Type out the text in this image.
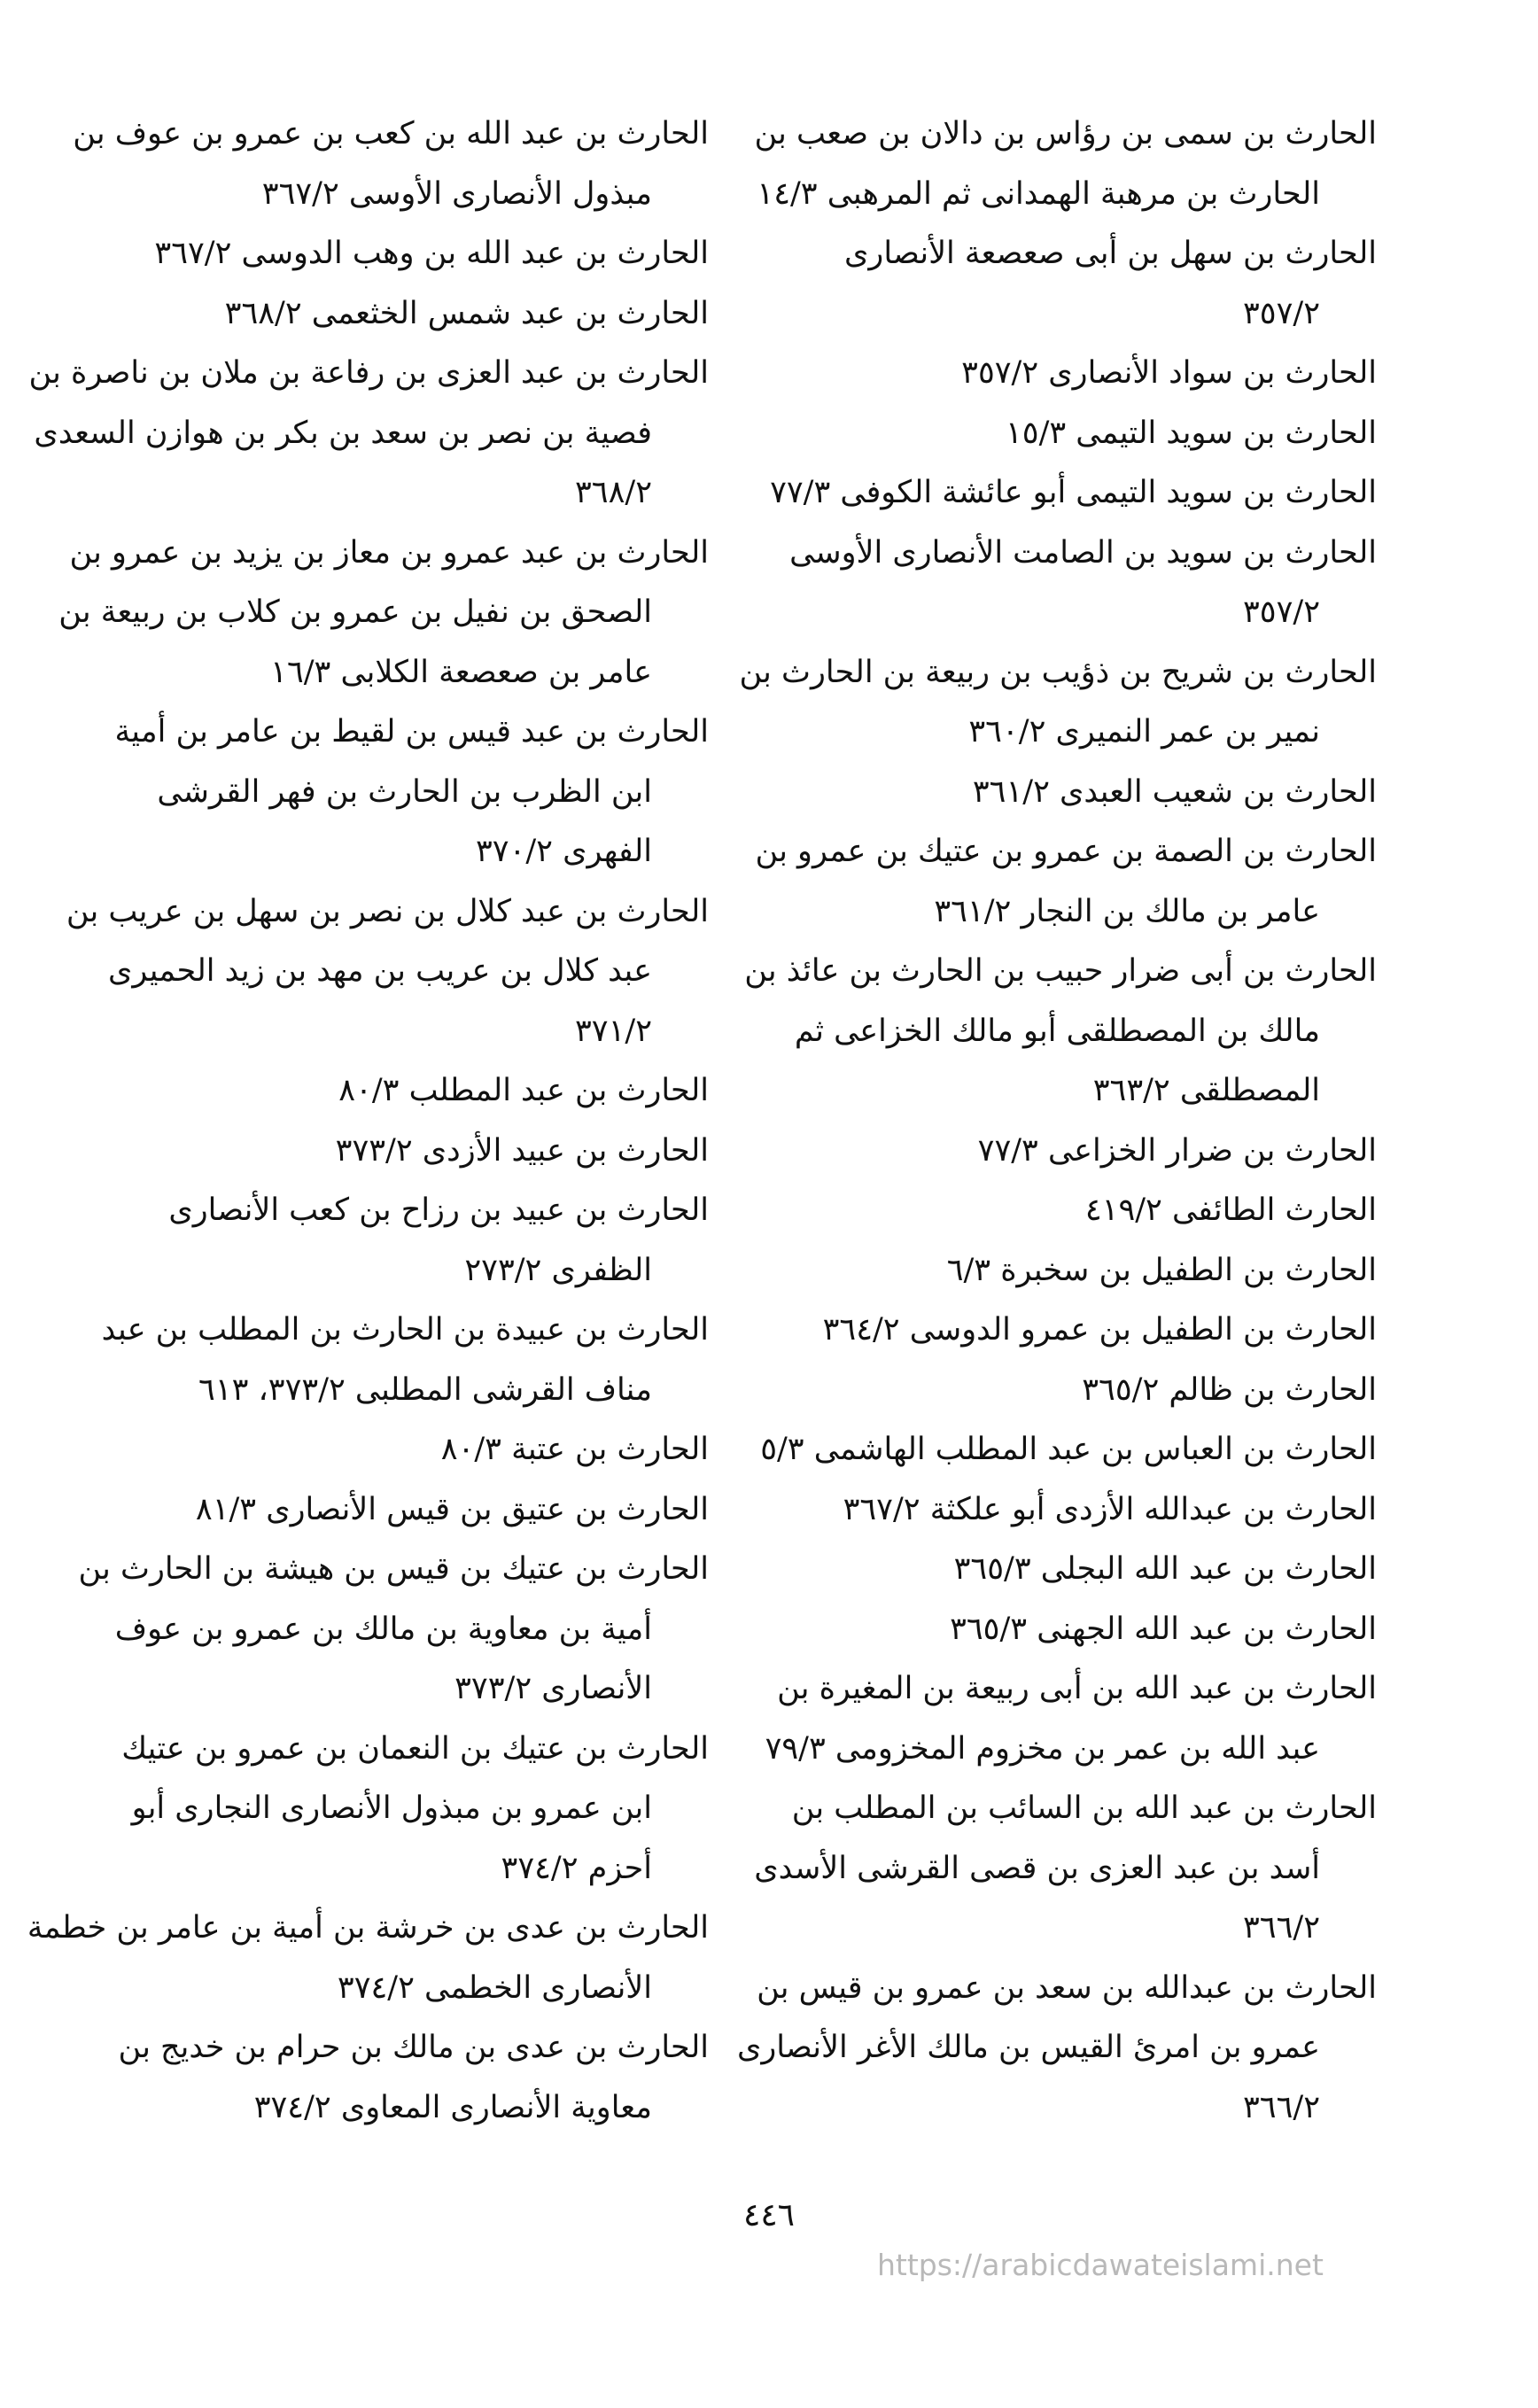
الحارث بن سمى بن رؤاس بن دالان بن صعب بن
الحارث بن مرهبة الهمدانى ثم المرهبى ١٤/٣

الحارث بن سهل بن أبى صعصعة الأنصارى
٣٥٧/٢

الحارث بن سواد الأنصارى ٣٥٧/٢

الحارث بن سويد التيمى ١٥/٣

الحارث بن سويد التيمى أبو عائشة الكوفى ٧٧/٣

الحارث بن سويد بن الصامت الأنصارى الأوسى
٣٥٧/٢

الحارث بن شريح بن ذؤيب بن ربيعة بن الحارث بن
نمير بن عمر النميرى ٣٦٠/٢

الحارث بن شعيب العبدى ٣٦١/٢

الحارث بن الصمة بن عمرو بن عتيك بن عمرو بن
عامر بن مالك بن النجار ٣٦١/٢

الحارث بن أبى ضرار حبيب بن الحارث بن عائذ بن
مالك بن المصطلقى أبو مالك الخزاعى ثم
المصطلقى ٣٦٣/٢

الحارث بن ضرار الخزاعى ٧٧/٣

الحارث الطائفى ٤١٩/٢

الحارث بن الطفيل بن سخبرة ٦/٣

الحارث بن الطفيل بن عمرو الدوسى ٣٦٤/٢

الحارث بن ظالم ٣٦٥/٢

الحارث بن العباس بن عبد المطلب الهاشمى ٥/٣

الحارث بن عبدالله الأزدى أبو علكثة ٣٦٧/٢

الحارث بن عبد الله البجلى ٣٦٥/٣

الحارث بن عبد الله الجهنى ٣٦٥/٣

الحارث بن عبد الله بن أبى ربيعة بن المغيرة بن
عبد الله بن عمر بن مخزوم المخزومى ٧٩/٣

الحارث بن عبد الله بن السائب بن المطلب بن
أسد بن عبد العزى بن قصى القرشى الأسدى
٣٦٦/٢

الحارث بن عبدالله بن سعد بن عمرو بن قيس بن
عمرو بن امرئ القيس بن مالك الأغر الأنصارى
٣٦٦/٢

الحارث بن عبد الله بن كعب بن عمرو بن عوف بن
مبذول الأنصارى الأوسى ٣٦٧/٢

الحارث بن عبد الله بن وهب الدوسى ٣٦٧/٢

الحارث بن عبد شمس الخثعمى ٣٦٨/٢

الحارث بن عبد العزى بن رفاعة بن ملان بن ناصرة بن
فصية بن نصر بن سعد بن بكر بن هوازن السعدى
٣٦٨/٢

الحارث بن عبد عمرو بن معاز بن يزيد بن عمرو بن
الصحق بن نفيل بن عمرو بن كلاب بن ربيعة بن
عامر بن صعصعة الكلابى ١٦/٣

الحارث بن عبد قيس بن لقيط بن عامر بن أمية
ابن الظرب بن الحارث بن فهر القرشى
الفهرى ٣٧٠/٢

الحارث بن عبد كلال بن نصر بن سهل بن عريب بن
عبد كلال بن عريب بن مهد بن زيد الحميرى
٣٧١/٢

الحارث بن عبد المطلب ٨٠/٣

الحارث بن عبيد الأزدى ٣٧٣/٢

الحارث بن عبيد بن رزاح بن كعب الأنصارى
الظفرى ٢٧٣/٢

الحارث بن عبيدة بن الحارث بن المطلب بن عبد
مناف القرشى المطلبى ٣٧٣/٢، ٦١٣

الحارث بن عتبة ٨٠/٣

الحارث بن عتيق بن قيس الأنصارى ٨١/٣

الحارث بن عتيك بن قيس بن هيشة بن الحارث بن
أمية بن معاوية بن مالك بن عمرو بن عوف
الأنصارى ٣٧٣/٢

الحارث بن عتيك بن النعمان بن عمرو بن عتيك
ابن عمرو بن مبذول الأنصارى النجارى أبو
أحزم ٣٧٤/٢

الحارث بن عدى بن خرشة بن أمية بن عامر بن خطمة
الأنصارى الخطمى ٣٧٤/٢

الحارث بن عدى بن مالك بن حرام بن خديج بن
معاوية الأنصارى المعاوى ٣٧٤/٢

٤٤٦
https://arabicdawateislami.net
